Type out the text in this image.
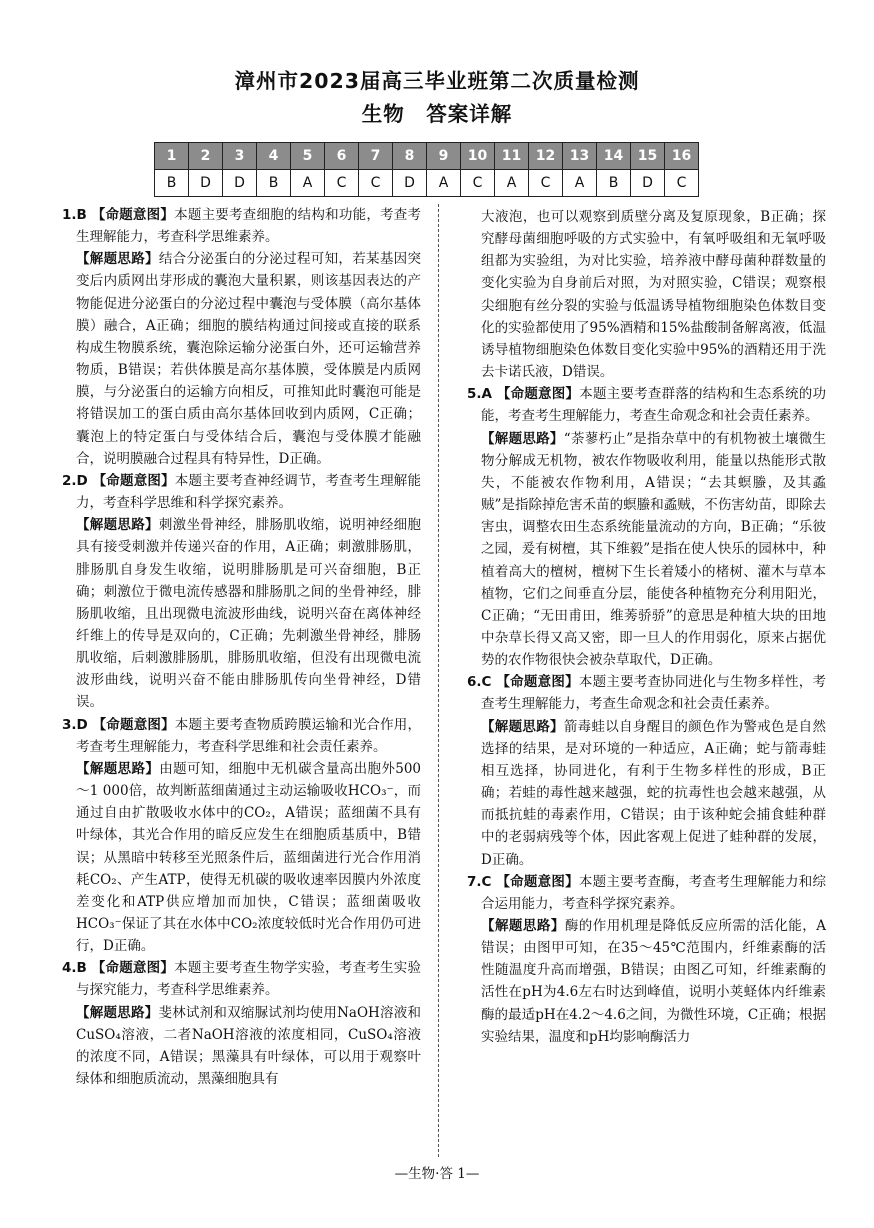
漳州市2023届高三毕业班第二次质量检测
生物　答案详解
1	2	3	4	5	6	7	8	9	10	11	12	13	14	15	16
B	D	D	B	A	C	C	D	A	C	A	C	A	B	D	C

1.B 【命题意图】本题主要考查细胞的结构和功能，考查考生理解能力，考查科学思维素养。

【解题思路】结合分泌蛋白的分泌过程可知，若某基因突变后内质网出芽形成的囊泡大量积累，则该基因表达的产物能促进分泌蛋白的分泌过程中囊泡与受体膜（高尔基体膜）融合，A正确；细胞的膜结构通过间接或直接的联系构成生物膜系统，囊泡除运输分泌蛋白外，还可运输营养物质，B错误；若供体膜是高尔基体膜，受体膜是内质网膜，与分泌蛋白的运输方向相反，可推知此时囊泡可能是将错误加工的蛋白质由高尔基体回收到内质网，C正确；囊泡上的特定蛋白与受体结合后，囊泡与受体膜才能融合，说明膜融合过程具有特异性，D正确。

2.D 【命题意图】本题主要考查神经调节，考查考生理解能力，考查科学思维和科学探究素养。

【解题思路】刺激坐骨神经，腓肠肌收缩，说明神经细胞具有接受刺激并传递兴奋的作用，A正确；刺激腓肠肌，腓肠肌自身发生收缩，说明腓肠肌是可兴奋细胞，B正确；刺激位于微电流传感器和腓肠肌之间的坐骨神经，腓肠肌收缩，且出现微电流波形曲线，说明兴奋在离体神经纤维上的传导是双向的，C正确；先刺激坐骨神经，腓肠肌收缩，后刺激腓肠肌，腓肠肌收缩，但没有出现微电流波形曲线，说明兴奋不能由腓肠肌传向坐骨神经，D错误。

3.D 【命题意图】本题主要考查物质跨膜运输和光合作用，考查考生理解能力，考查科学思维和社会责任素养。

【解题思路】由题可知，细胞中无机碳含量高出胞外500～1 000倍，故判断蓝细菌通过主动运输吸收HCO₃⁻，而通过自由扩散吸收水体中的CO₂，A错误；蓝细菌不具有叶绿体，其光合作用的暗反应发生在细胞质基质中，B错误；从黑暗中转移至光照条件后，蓝细菌进行光合作用消耗CO₂、产生ATP，使得无机碳的吸收速率因膜内外浓度差变化和ATP供应增加而加快，C错误；蓝细菌吸收HCO₃⁻保证了其在水体中CO₂浓度较低时光合作用仍可进行，D正确。

4.B 【命题意图】本题主要考查生物学实验，考查考生实验与探究能力，考查科学思维素养。

【解题思路】斐林试剂和双缩脲试剂均使用NaOH溶液和CuSO₄溶液，二者NaOH溶液的浓度相同，CuSO₄溶液的浓度不同，A错误；黑藻具有叶绿体，可以用于观察叶绿体和细胞质流动，黑藻细胞具有

大液泡，也可以观察到质壁分离及复原现象，B正确；探究酵母菌细胞呼吸的方式实验中，有氧呼吸组和无氧呼吸组都为实验组，为对比实验，培养液中酵母菌种群数量的变化实验为自身前后对照，为对照实验，C错误；观察根尖细胞有丝分裂的实验与低温诱导植物细胞染色体数目变化的实验都使用了95%酒精和15%盐酸制备解离液，低温诱导植物细胞染色体数目变化实验中95%的酒精还用于洗去卡诺氏液，D错误。

5.A 【命题意图】本题主要考查群落的结构和生态系统的功能，考查考生理解能力，考查生命观念和社会责任素养。

【解题思路】“荼蓼朽止”是指杂草中的有机物被土壤微生物分解成无机物，被农作物吸收利用，能量以热能形式散失，不能被农作物利用，A错误；“去其螟螣，及其蟊贼”是指除掉危害禾苗的螟螣和蟊贼，不伤害幼苗，即除去害虫，调整农田生态系统能量流动的方向，B正确；“乐彼之园，爰有树檀，其下维毅”是指在使人快乐的园林中，种植着高大的檀树，檀树下生长着矮小的楮树、灌木与草本植物，它们之间垂直分层，能使各种植物充分利用阳光，C正确；“无田甫田，维莠骄骄”的意思是种植大块的田地中杂草长得又高又密，即一旦人的作用弱化，原来占据优势的农作物很快会被杂草取代，D正确。

6.C 【命题意图】本题主要考查协同进化与生物多样性，考查考生理解能力，考查生命观念和社会责任素养。

【解题思路】箭毒蛙以自身醒目的颜色作为警戒色是自然选择的结果，是对环境的一种适应，A正确；蛇与箭毒蛙相互选择，协同进化，有利于生物多样性的形成，B正确；若蛙的毒性越来越强，蛇的抗毒性也会越来越强，从而抵抗蛙的毒素作用，C错误；由于该种蛇会捕食蛙种群中的老弱病残等个体，因此客观上促进了蛙种群的发展，D正确。

7.C 【命题意图】本题主要考查酶，考查考生理解能力和综合运用能力，考查科学探究素养。

【解题思路】酶的作用机理是降低反应所需的活化能，A错误；由图甲可知，在35～45℃范围内，纤维素酶的活性随温度升高而增强，B错误；由图乙可知，纤维素酶的活性在pH为4.6左右时达到峰值，说明小荚蛏体内纤维素酶的最适pH在4.2～4.6之间，为微性环境，C正确；根据实验结果，温度和pH均影响酶活力

—生物·答 1—
